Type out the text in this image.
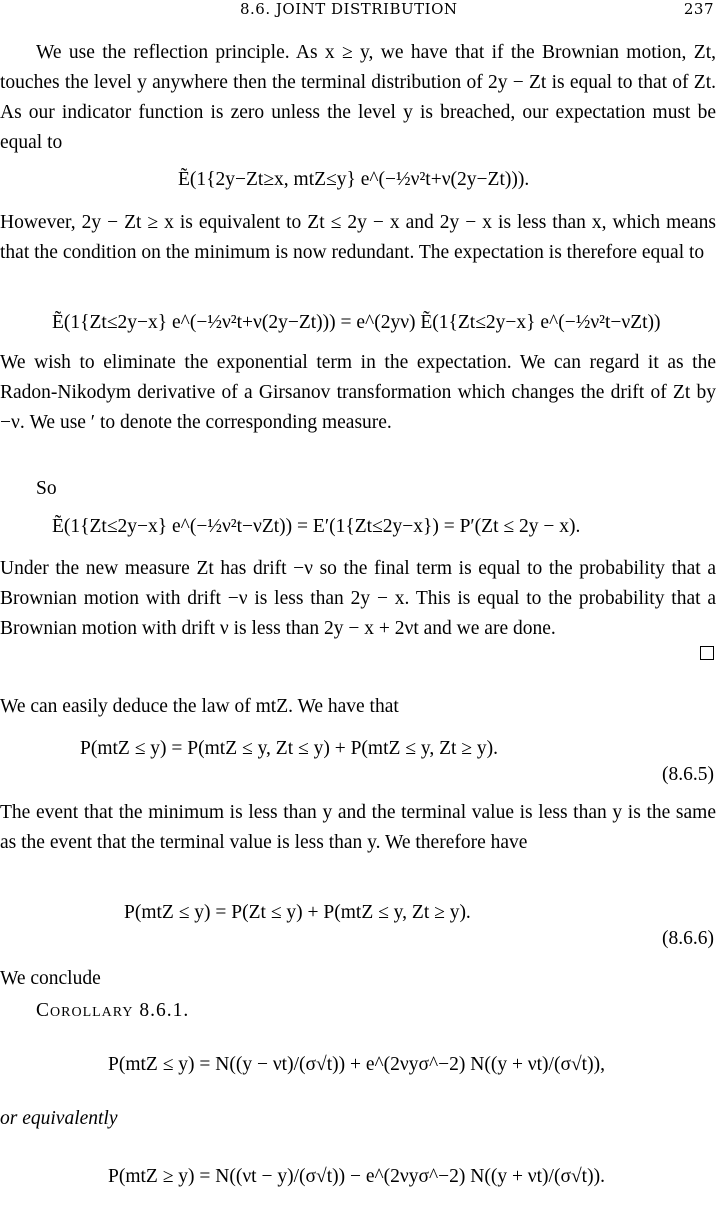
8.6. JOINT DISTRIBUTION	237

We use the reflection principle. As x ≥ y, we have that if the Brownian motion, Zt, touches the level y anywhere then the terminal distribution of 2y − Zt is equal to that of Zt. As our indicator function is zero unless the level y is breached, our expectation must be equal to

Ẽ(1{2y−Zt≥x, mtZ≤y} e^(−½ν²t+ν(2y−Zt))).

However, 2y − Zt ≥ x is equivalent to Zt ≤ 2y − x and 2y − x is less than x, which means that the condition on the minimum is now redundant. The expectation is therefore equal to

Ẽ(1{Zt≤2y−x} e^(−½ν²t+ν(2y−Zt))) = e^(2yν) Ẽ(1{Zt≤2y−x} e^(−½ν²t−νZt))

We wish to eliminate the exponential term in the expectation. We can regard it as the Radon-Nikodym derivative of a Girsanov transformation which changes the drift of Zt by −ν. We use ′ to denote the corresponding measure.

So

Ẽ(1{Zt≤2y−x} e^(−½ν²t−νZt)) = E′(1{Zt≤2y−x}) = P′(Zt ≤ 2y − x).

Under the new measure Zt has drift −ν so the final term is equal to the probability that a Brownian motion with drift −ν is less than 2y − x. This is equal to the probability that a Brownian motion with drift ν is less than 2y − x + 2νt and we are done.

We can easily deduce the law of mtZ. We have that

P(mtZ ≤ y) = P(mtZ ≤ y, Zt ≤ y) + P(mtZ ≤ y, Zt ≥ y).
(8.6.5)

The event that the minimum is less than y and the terminal value is less than y is the same as the event that the terminal value is less than y. We therefore have

P(mtZ ≤ y) = P(Zt ≤ y) + P(mtZ ≤ y, Zt ≥ y).
(8.6.6)

We conclude

Corollary 8.6.1.
P(mtZ ≤ y) = N((y − νt)/(σ√t)) + e^(2νyσ^−2) N((y + νt)/(σ√t)),
or equivalently
P(mtZ ≥ y) = N((νt − y)/(σ√t)) − e^(2νyσ^−2) N((y + νt)/(σ√t)).
